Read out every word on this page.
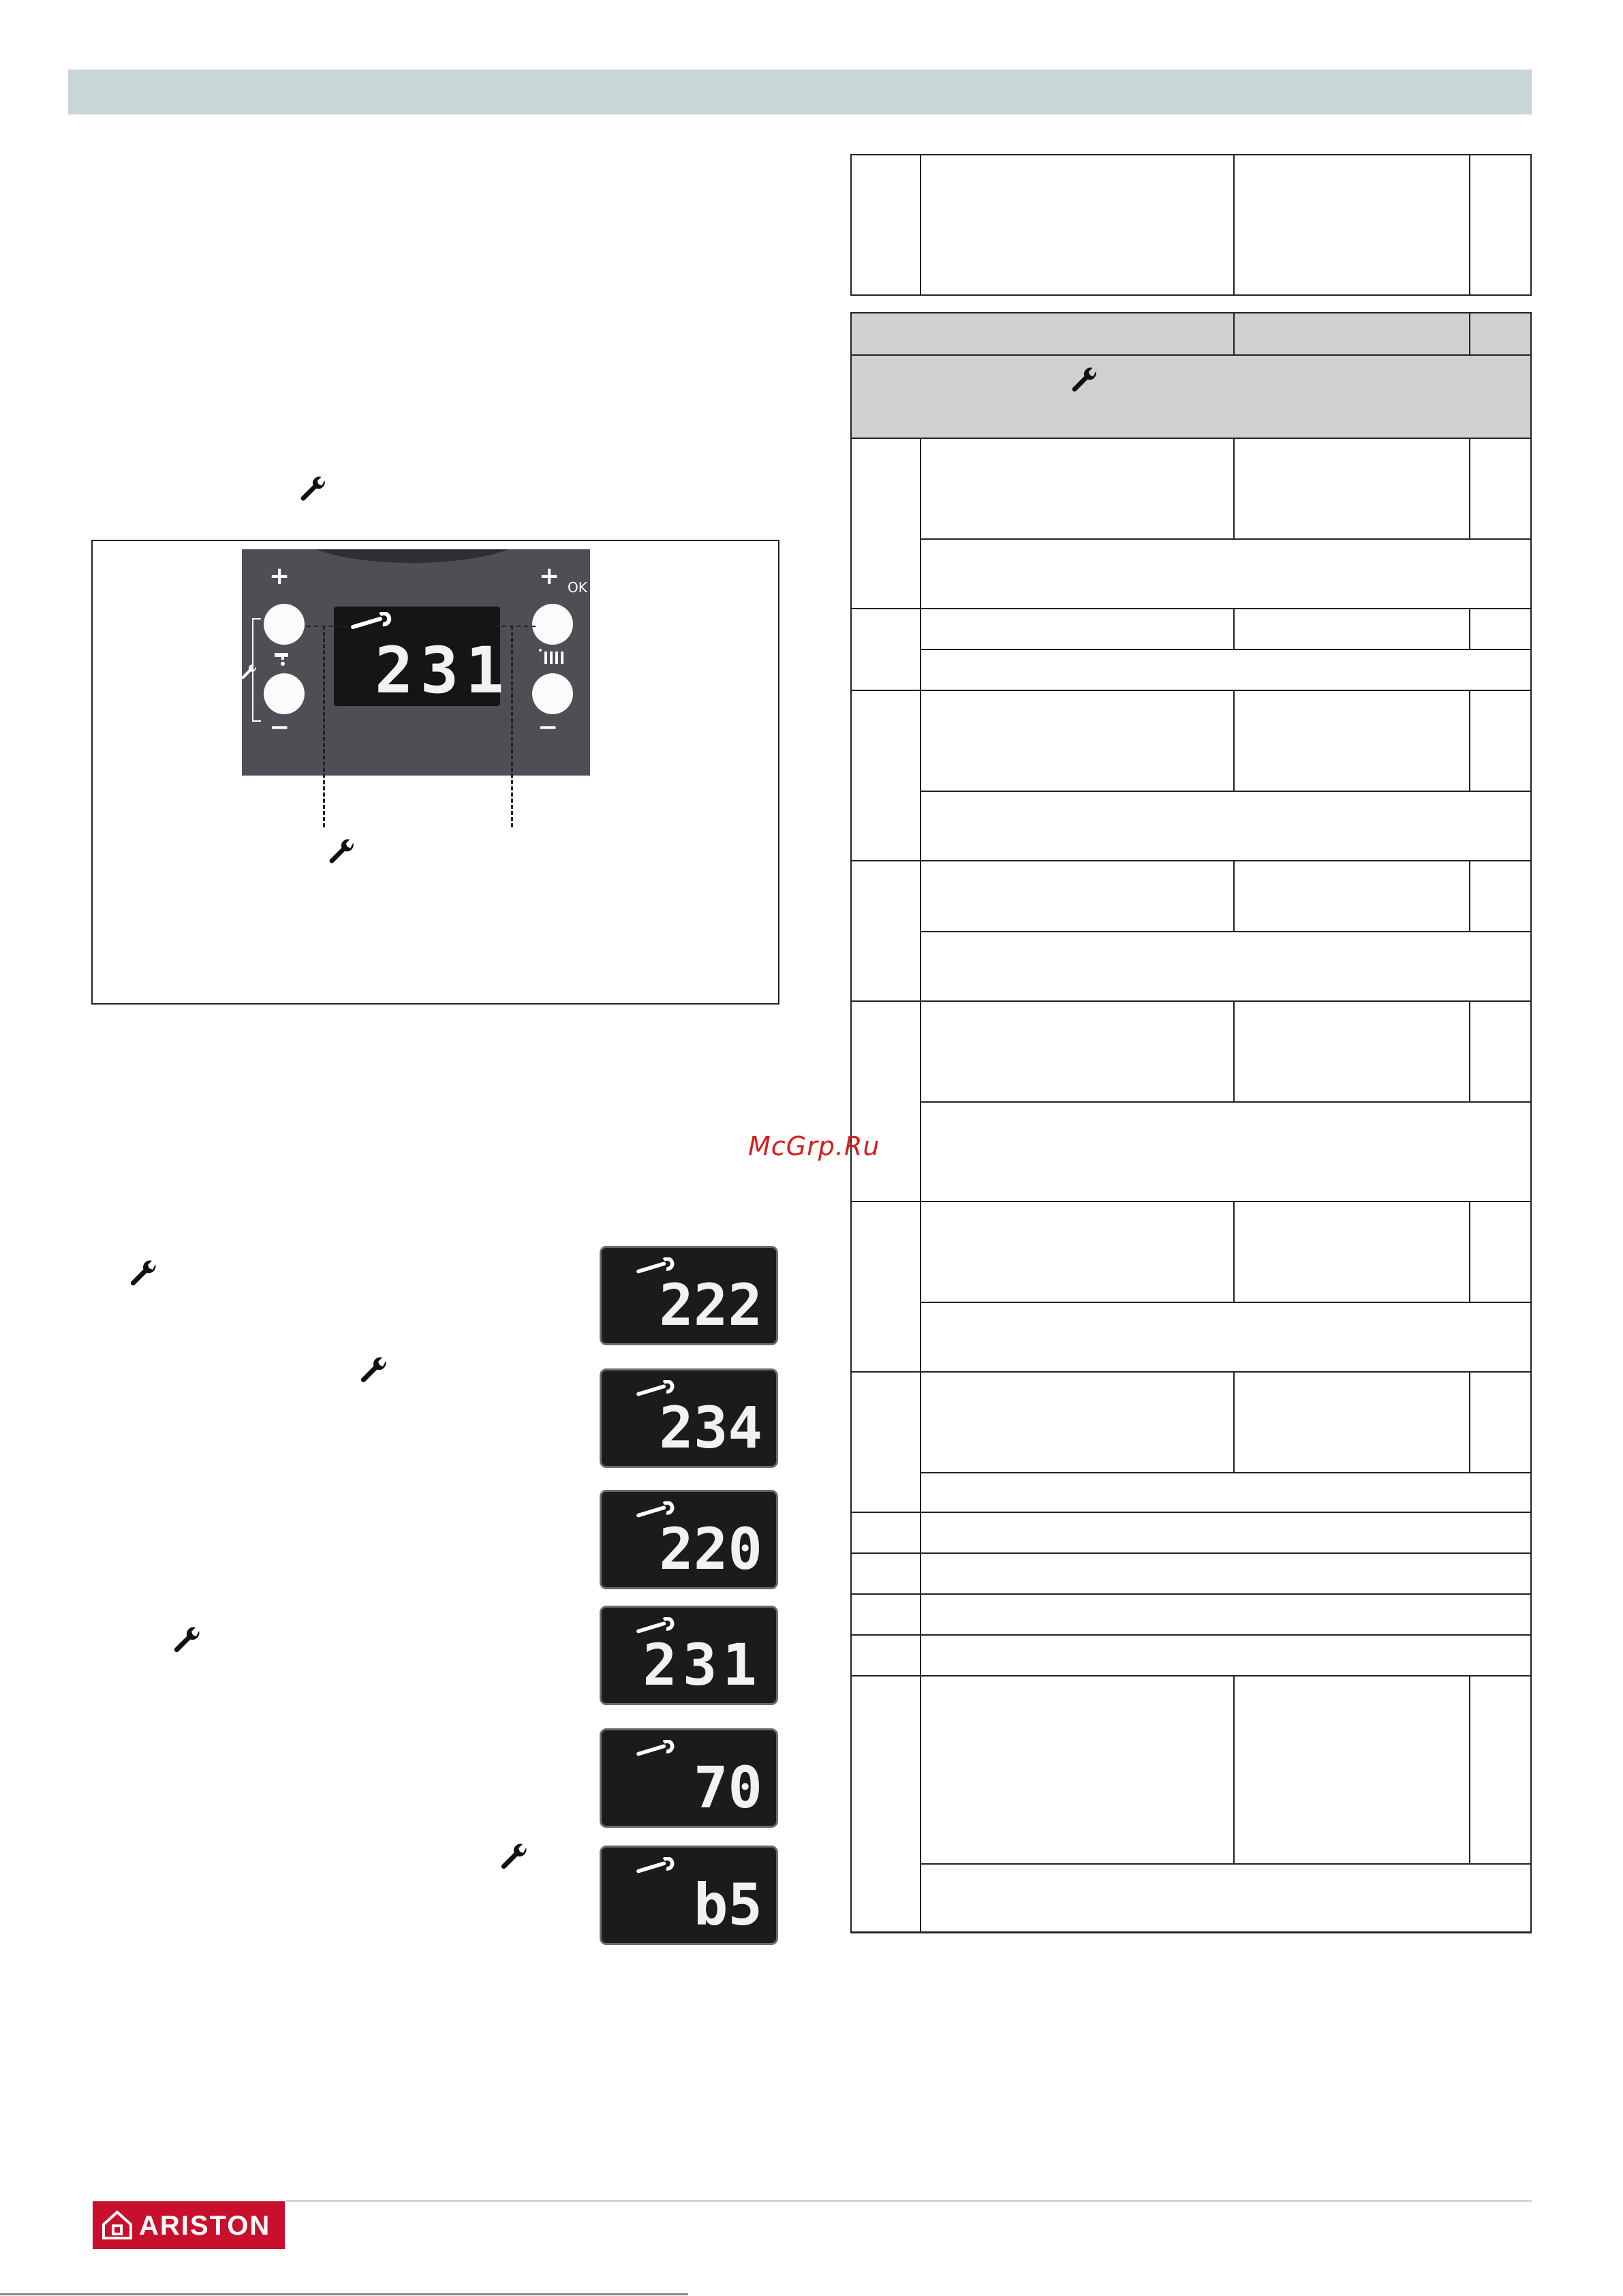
+
−
231
+ OK
−
222
234
220
231
70
b5
McGrp.Ru
ARISTON
